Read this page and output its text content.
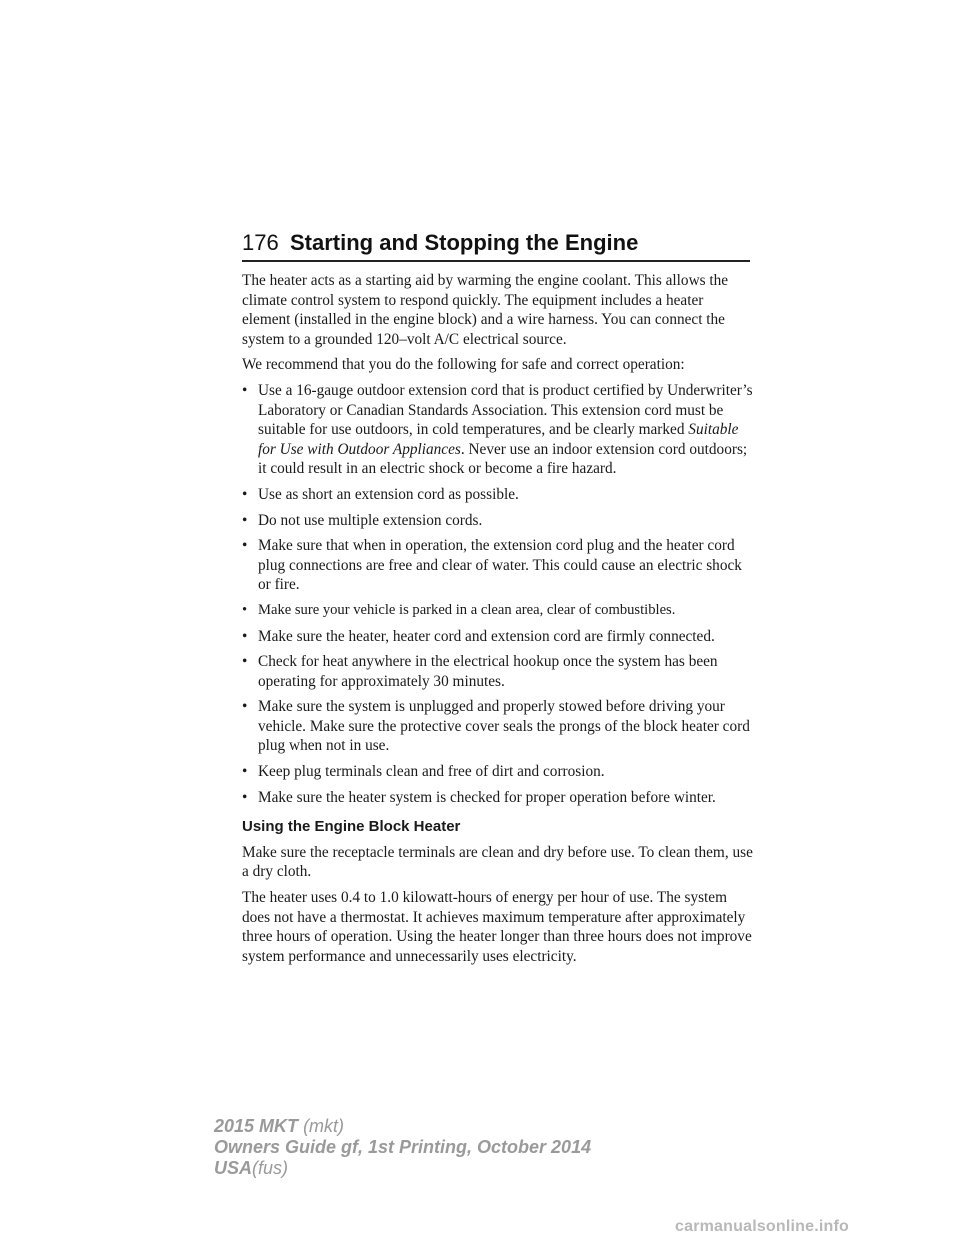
176 Starting and Stopping the Engine

The heater acts as a starting aid by warming the engine coolant. This allows the climate control system to respond quickly. The equipment includes a heater element (installed in the engine block) and a wire harness. You can connect the system to a grounded 120–volt A/C electrical source.

We recommend that you do the following for safe and correct operation:

• Use a 16-gauge outdoor extension cord that is product certified by Underwriter’s Laboratory or Canadian Standards Association. This extension cord must be suitable for use outdoors, in cold temperatures, and be clearly marked Suitable for Use with Outdoor Appliances. Never use an indoor extension cord outdoors; it could result in an electric shock or become a fire hazard.
• Use as short an extension cord as possible.
• Do not use multiple extension cords.
• Make sure that when in operation, the extension cord plug and the heater cord plug connections are free and clear of water. This could cause an electric shock or fire.
• Make sure your vehicle is parked in a clean area, clear of combustibles.
• Make sure the heater, heater cord and extension cord are firmly connected.
• Check for heat anywhere in the electrical hookup once the system has been operating for approximately 30 minutes.
• Make sure the system is unplugged and properly stowed before driving your vehicle. Make sure the protective cover seals the prongs of the block heater cord plug when not in use.
• Keep plug terminals clean and free of dirt and corrosion.
• Make sure the heater system is checked for proper operation before winter.
Using the Engine Block Heater

Make sure the receptacle terminals are clean and dry before use. To clean them, use a dry cloth.

The heater uses 0.4 to 1.0 kilowatt-hours of energy per hour of use. The system does not have a thermostat. It achieves maximum temperature after approximately three hours of operation. Using the heater longer than three hours does not improve system performance and unnecessarily uses electricity.

2015 MKT (mkt)
Owners Guide gf, 1st Printing, October 2014
USA(fus)
carmanualsonline.info
